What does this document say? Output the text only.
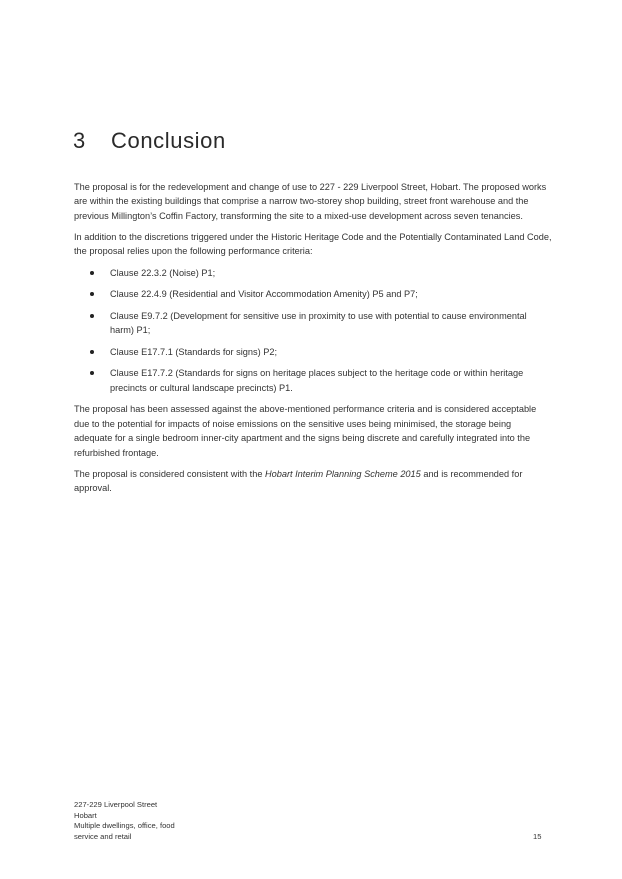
3 Conclusion

The proposal is for the redevelopment and change of use to 227 - 229 Liverpool Street, Hobart. The proposed works are within the existing buildings that comprise a narrow two-storey shop building, street front warehouse and the previous Millington’s Coffin Factory, transforming the site to a mixed-use development across seven tenancies.

In addition to the discretions triggered under the Historic Heritage Code and the Potentially Contaminated Land Code, the proposal relies upon the following performance criteria:

Clause 22.3.2 (Noise) P1;
Clause 22.4.9 (Residential and Visitor Accommodation Amenity) P5 and P7;
Clause E9.7.2 (Development for sensitive use in proximity to use with potential to cause environmental harm) P1;
Clause E17.7.1 (Standards for signs) P2;
Clause E17.7.2 (Standards for signs on heritage places subject to the heritage code or within heritage precincts or cultural landscape precincts) P1.

The proposal has been assessed against the above-mentioned performance criteria and is considered acceptable due to the potential for impacts of noise emissions on the sensitive uses being minimised, the storage being adequate for a single bedroom inner-city apartment and the signs being discrete and carefully integrated into the refurbished frontage.

The proposal is considered consistent with the Hobart Interim Planning Scheme 2015 and is recommended for approval.

227-229 Liverpool Street
Hobart
Multiple dwellings, office, food
service and retail	15
